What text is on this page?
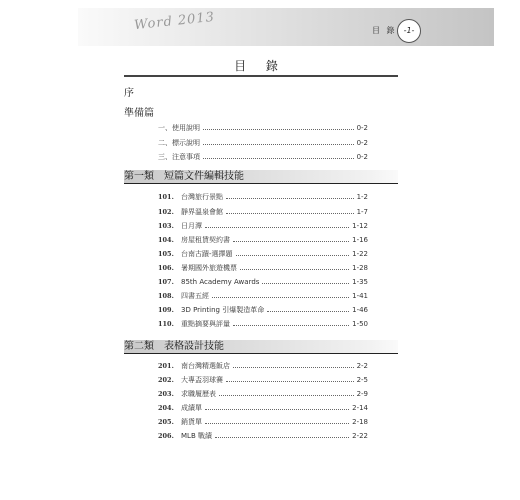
Word 2013	目 錄 -1-
目 錄
序
準備篇
一、使用說明	0-2
二、標示說明	0-2
三、注意事項	0-2
第一類　短篇文件編輯技能
101.	台灣旅行景點	1-2
102.	靜界溫泉會館	1-7
103.	日月潭	1-12
104.	房屋租賃契約書	1-16
105.	台南古蹟-選擇題	1-22
106.	暑期國外旅遊機票	1-28
107.	85th Academy Awards	1-35
108.	四書五經	1-41
109.	3D Printing 引爆製造革命	1-46
110.	重點摘要與評量	1-50
第二類　表格設計技能
201.	南台灣精選飯店	2-2
202.	大專盃羽球賽	2-5
203.	求職履歷表	2-9
204.	成績單	2-14
205.	銷貨單	2-18
206.	MLB 戰績	2-22
